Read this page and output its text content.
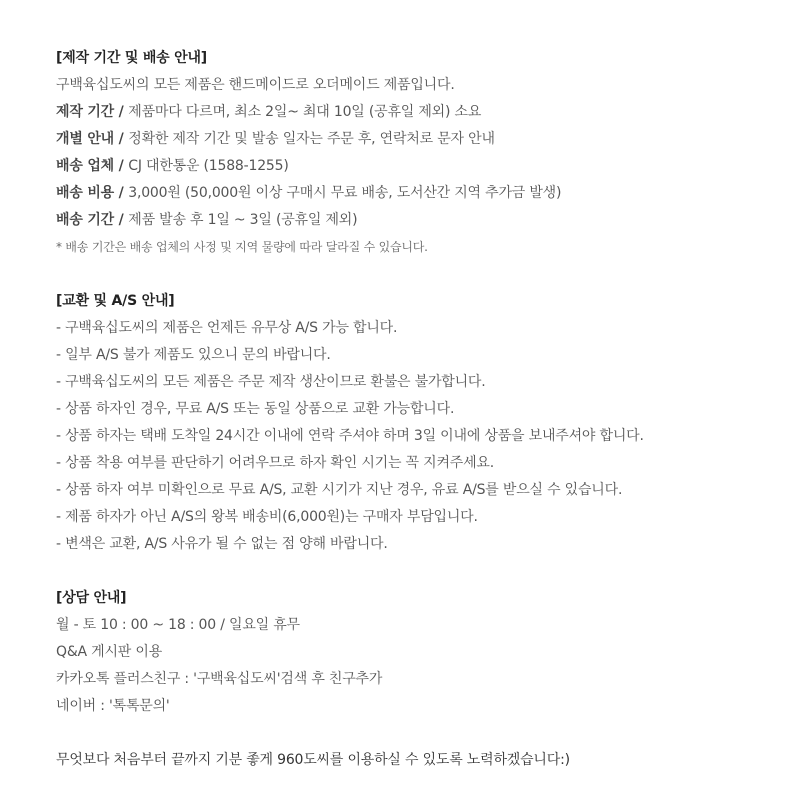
[제작 기간 및 배송 안내]
구백육십도씨의 모든 제품은 핸드메이드로 오더메이드 제품입니다.
제작 기간 / 제품마다 다르며, 최소 2일~ 최대 10일 (공휴일 제외) 소요
개별 안내 / 정확한 제작 기간 및 발송 일자는 주문 후, 연락처로 문자 안내
배송 업체 / CJ 대한통운 (1588-1255)
배송 비용 / 3,000원 (50,000원 이상 구매시 무료 배송, 도서산간 지역 추가금 발생)
배송 기간 / 제품 발송 후 1일 ~ 3일 (공휴일 제외)
* 배송 기간은 배송 업체의 사정 및 지역 물량에 따라 달라질 수 있습니다.
[교환 및 A/S 안내]
- 구백육십도씨의 제품은 언제든 유무상 A/S 가능 합니다.
- 일부 A/S 불가 제품도 있으니 문의 바랍니다.
- 구백육십도씨의 모든 제품은 주문 제작 생산이므로 환불은 불가합니다.
- 상품 하자인 경우, 무료 A/S 또는 동일 상품으로 교환 가능합니다.
- 상품 하자는 택배 도착일 24시간 이내에 연락 주셔야 하며 3일 이내에 상품을 보내주셔야 합니다.
- 상품 착용 여부를 판단하기 어려우므로 하자 확인 시기는 꼭 지켜주세요.
- 상품 하자 여부 미확인으로 무료 A/S, 교환 시기가 지난 경우, 유료 A/S를 받으실 수 있습니다.
- 제품 하자가 아닌 A/S의 왕복 배송비(6,000원)는 구매자 부담입니다.
- 변색은 교환, A/S 사유가 될 수 없는 점 양해 바랍니다.
[상담 안내]
월 - 토 10 : 00 ~ 18 : 00 / 일요일 휴무
Q&A 게시판 이용
카카오톡 플러스친구 : '구백육십도씨'검색 후 친구추가
네이버 : '톡톡문의'
무엇보다 처음부터 끝까지 기분 좋게 960도씨를 이용하실 수 있도록 노력하겠습니다:)
